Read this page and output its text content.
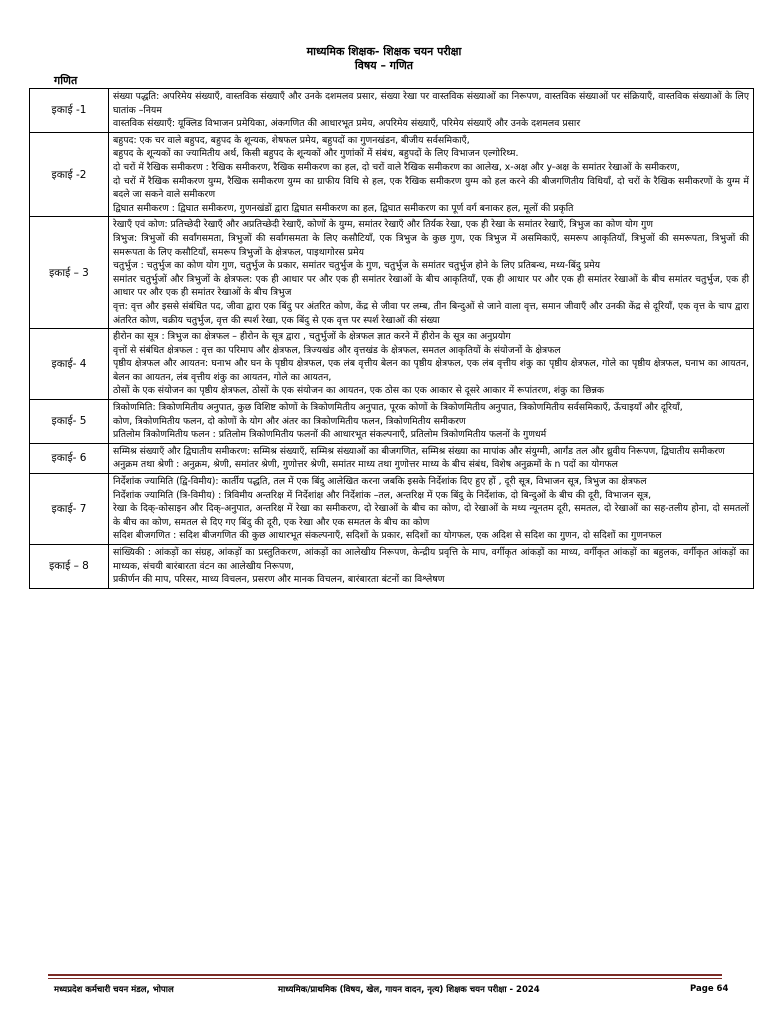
माध्यमिक शिक्षक- शिक्षक चयन परीक्षा
विषय – गणित
गणित
इकाई -1	संख्या पद्धति: अपरिमेय संख्याएँ, वास्तविक संख्याएँ और उनके दशमलव प्रसार, संख्या रेखा पर वास्तविक संख्याओं का निरूपण, वास्तविक संख्याओं पर संक्रियाएँ, वास्तविक संख्याओं के लिए घातांक –नियम

वास्तविक संख्याएँ: यूक्लिड विभाजन प्रमेयिका, अंकगणित की आधारभूत प्रमेय, अपरिमेय संख्याएँ, परिमेय संख्याएँ और उनके दशमलव प्रसार

इकाई -2	बहुपद: एक चर वाले बहुपद, बहुपद के शून्यक, शेषफल प्रमेय, बहुपदों का गुणनखंडन, बीजीय सर्वसमिकाएँ,

बहुपद के शून्यकों का ज्यामितीय अर्थ, किसी बहुपद के शून्यकों और गुणांकों में संबंध, बहुपदों के लिए विभाजन एल्गोरिथ्म.

दो चरों में रैखिक समीकरण : रैखिक समीकरण, रैखिक समीकरण का हल, दो चरों वाले रैखिक समीकरण का आलेख, x-अक्ष और y-अक्ष के समांतर रेखाओं के समीकरण,

दो चरों में रैखिक समीकरण युग्म, रैखिक समीकरण युग्म का ग्राफीय विधि से हल, एक रैखिक समीकरण युग्म को हल करने की बीजगणितीय विधियाँ, दो चरों के रैखिक समीकरणों के युग्म में बदले जा सकने वाले समीकरण

द्विघात समीकरण : द्विघात समीकरण, गुणनखंडों द्वारा द्विघात समीकरण का हल, द्विघात समीकरण का पूर्ण वर्ग बनाकर हल, मूलों की प्रकृति

इकाई – 3	रेखाएँ एवं कोण: प्रतिच्छेदी रेखाएँ और अप्रतिच्छेदी रेखाएँ, कोणों के युग्म, समांतर रेखाएँ और तिर्यक रेखा, एक ही रेखा के समांतर रेखाएँ, त्रिभुज का कोण योग गुण

त्रिभुज: त्रिभुजों की सर्वांगसमता, त्रिभुजों की सर्वांगसमता के लिए कसौटियाँ, एक त्रिभुज के कुछ गुण, एक त्रिभुज में असमिकाएँ, समरूप आकृतियाँ, त्रिभुजों की समरूपता, त्रिभुजों की समरूपता के लिए कसौटियाँ, समरूप त्रिभुजों के क्षेत्रफल, पाइथागोरस प्रमेय

चतुर्भुज : चतुर्भुज का कोण योग गुण, चतुर्भुज के प्रकार, समांतर चतुर्भुज के गुण, चतुर्भुज के समांतर चतुर्भुज होने के लिए प्रतिबन्ध, मध्य-बिंदु प्रमेय

समांतर चतुर्भुजों और त्रिभुजों के क्षेत्रफल: एक ही आधार पर और एक ही समांतर रेखाओं के बीच आकृतियाँ, एक ही आधार पर और एक ही समांतर रेखाओं के बीच समांतर चतुर्भुज, एक ही आधार पर और एक ही समांतर रेखाओं के बीच त्रिभुज

वृत्त: वृत्त और इससे संबंधित पद, जीवा द्वारा एक बिंदु पर अंतरित कोण, केंद्र से जीवा पर लम्ब, तीन बिन्दुओं से जाने वाला वृत्त, समान जीवाएँ और उनकी केंद्र से दूरियाँ, एक वृत्त के चाप द्वारा अंतरित कोण, चक्रीय चतुर्भुज, वृत्त की स्पर्श रेखा, एक बिंदु से एक वृत्त पर स्पर्श रेखाओं की संख्या

इकाई- 4	हीरोन का सूत्र : त्रिभुज का क्षेत्रफल – हीरोन के सूत्र द्वारा , चतुर्भुजों के क्षेत्रफल ज्ञात करने में हीरोन के सूत्र का अनुप्रयोग

वृत्तों से संबंधित क्षेत्रफल : वृत्त का परिमाप और क्षेत्रफल, त्रिज्यखंड और वृत्तखंड के क्षेत्रफल, समतल आकृतियों के संयोजनों के क्षेत्रफल

पृष्ठीय क्षेत्रफल और आयतन: घनाभ और घन के पृष्ठीय क्षेत्रफल, एक लंब वृत्तीय बेलन का पृष्ठीय क्षेत्रफल, एक लंब वृत्तीय शंकु का पृष्ठीय क्षेत्रफल, गोले का पृष्ठीय क्षेत्रफल, घनाभ का आयतन, बेलन का आयतन, लंब वृत्तीय शंकु का आयतन, गोले का आयतन,

ठोसों के एक संयोजन का पृष्ठीय क्षेत्रफल, ठोसों के एक संयोजन का आयतन, एक ठोस का एक आकार से दूसरे आकार में रूपांतरण, शंकु का छिन्नक

इकाई- 5	त्रिकोणमिति: त्रिकोणमितीय अनुपात, कुछ विशिष्ट कोणों के त्रिकोणमितीय अनुपात, पूरक कोणों के त्रिकोणमितीय अनुपात, त्रिकोणमितीय सर्वसमिकाएँ, ऊँचाइयाँ और दूरियाँ,

कोण, त्रिकोणमितीय फलन, दो कोणों के योग और अंतर का त्रिकोणमितीय फलन, त्रिकोणमितीय समीकरण

प्रतिलोम त्रिकोणमितीय फलन : प्रतिलोम त्रिकोणमितीय फलनों की आधारभूत संकल्पनाएँ, प्रतिलोम त्रिकोणमितीय फलनों के गुणधर्म

इकाई- 6	सम्मिश्र संख्याएँ और द्विघातीय समीकरण: सम्मिश्र संख्याएँ, सम्मिश्र संख्याओं का बीजगणित, सम्मिश्र संख्या का मापांक और संयुग्मी, आर्गंड तल और ध्रुवीय निरूपण, द्विघातीय समीकरण

अनुक्रम तथा श्रेणी : अनुक्रम, श्रेणी, समांतर श्रेणी, गुणोत्तर श्रेणी, समांतर माध्य तथा गुणोत्तर माध्य के बीच संबंध, विशेष अनुक्रमों के n पदों का योगफल

इकाई- 7	निर्देशांक ज्यामिति (द्वि-विमीय): कार्तीय पद्धति, तल में एक बिंदु आलेखित करना जबकि इसके निर्देशांक दिए हुए हों , दूरी सूत्र, विभाजन सूत्र, त्रिभुज का क्षेत्रफल

निर्देशांक ज्यामिति (त्रि-विमीय) : त्रिविमीय अन्तरिक्ष में निर्देशांक्ष और निर्देशांक –तल, अन्तरिक्ष में एक बिंदु के निर्देशांक, दो बिन्दुओं के बीच की दूरी, विभाजन सूत्र,

रेखा के दिक्-कोसाइन और दिक्-अनुपात, अन्तरिक्ष में रेखा का समीकरण, दो रेखाओं के बीच का कोण, दो रेखाओं के मध्य न्यूनतम दूरी, समतल, दो रेखाओं का सह-तलीय होना, दो समतलों के बीच का कोण, समतल से दिए गए बिंदु की दूरी, एक रेखा और एक समतल के बीच का कोण

सदिश बीजगणित : सदिश बीजगणित की कुछ आधारभूत संकल्पनाएँ, सदिशों के प्रकार, सदिशों का योगफल, एक अदिश से सदिश का गुणन, दो सदिशों का गुणनफल

इकाई – 8	सांख्यिकी : आंकड़ों का संग्रह, आंकड़ों का प्रस्तुतिकरण, आंकड़ों का आलेखीय निरूपण, केन्द्रीय प्रवृत्ति के माप, वर्गीकृत आंकड़ों का माध्य, वर्गीकृत आंकड़ों का बहुलक, वर्गीकृत आंकड़ों का माध्यक, संचयी बारंबारता वंटन का आलेखीय निरूपण,

प्रकीर्णन की माप, परिसर, माध्य विचलन, प्रसरण और मानक विचलन, बारंबारता बंटनों का विश्लेषण

मध्यप्रदेश कर्मचारी चयन मंडल, भोपाल	माध्यमिक/प्राथमिक (विषय, खेल, गायन वादन, नृत्य) शिक्षक चयन परीक्षा - 2024	Page 64
